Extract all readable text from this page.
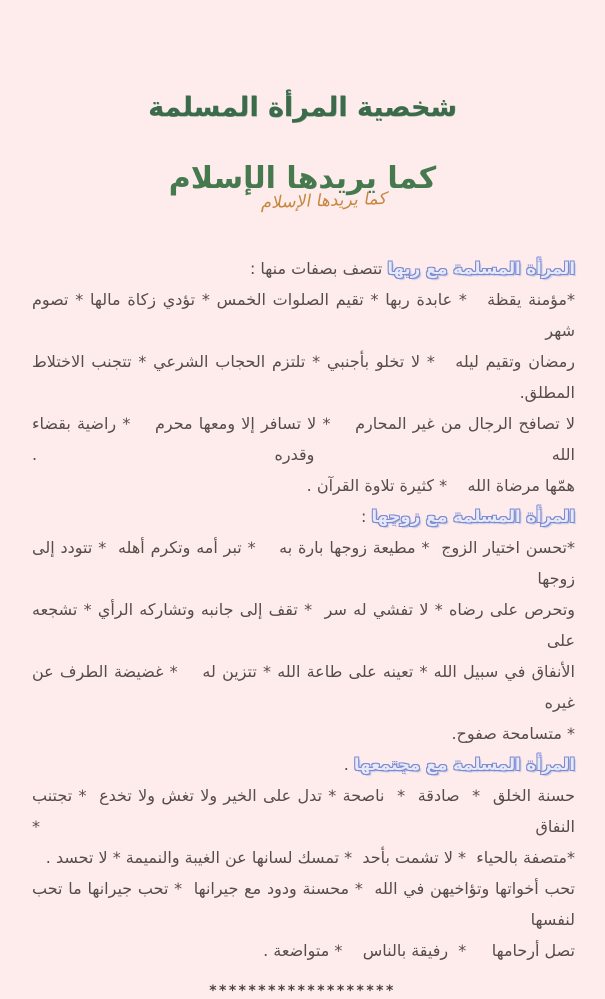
شخصية المرأة المسلمة
كما يريدها الإسلام
كما يريدها الإسلام
المرأة المسلمة مع ربها تتصف بصفات منها :
*مؤمنة يقظة   * عابدة ربها * تقيم الصلوات الخمس * تؤدي زكاة مالها * تصوم شهر
رمضان وتقيم ليله   * لا تخلو بأجنبي * تلتزم الحجاب الشرعي * تتجنب الاختلاط المطلق.
لا تصافح الرجال من غير المحارم    * لا تسافر إلا ومعها محرم    * راضية بقضاء الله وقدره .
همّها مرضاة الله    * كثيرة تلاوة القرآن .
المرأة المسلمة مع زوجها :
*تحسن اختيار الزوج  * مطيعة زوجها بارة به    * تبر أمه وتكرم أهله  * تتودد إلى زوجها
وتحرص على رضاه * لا تفشي له سر  * تقف إلى جانبه وتشاركه الرأي * تشجعه على
الأنفاق في سبيل الله * تعينه على طاعة الله * تتزين له    * غضيضة الطرف عن غيره
* متسامحة صفوح.
المرأة المسلمة مع مجتمعها .
حسنة الخلق  *  صادقة  *  ناصحة * تدل على الخير ولا تغش ولا تخدع  * تجتنب النفاق *
*متصفة بالحياء  * لا تشمت بأحد  * تمسك لسانها عن الغيبة والنميمة * لا تحسد .
تحب أخواتها وتؤاخيهن في الله  * محسنة ودود مع جيرانها  * تحب جيرانها ما تحب لنفسها
تصل أرحامها     *  رفيقة بالناس    * متواضعة .
*******************
